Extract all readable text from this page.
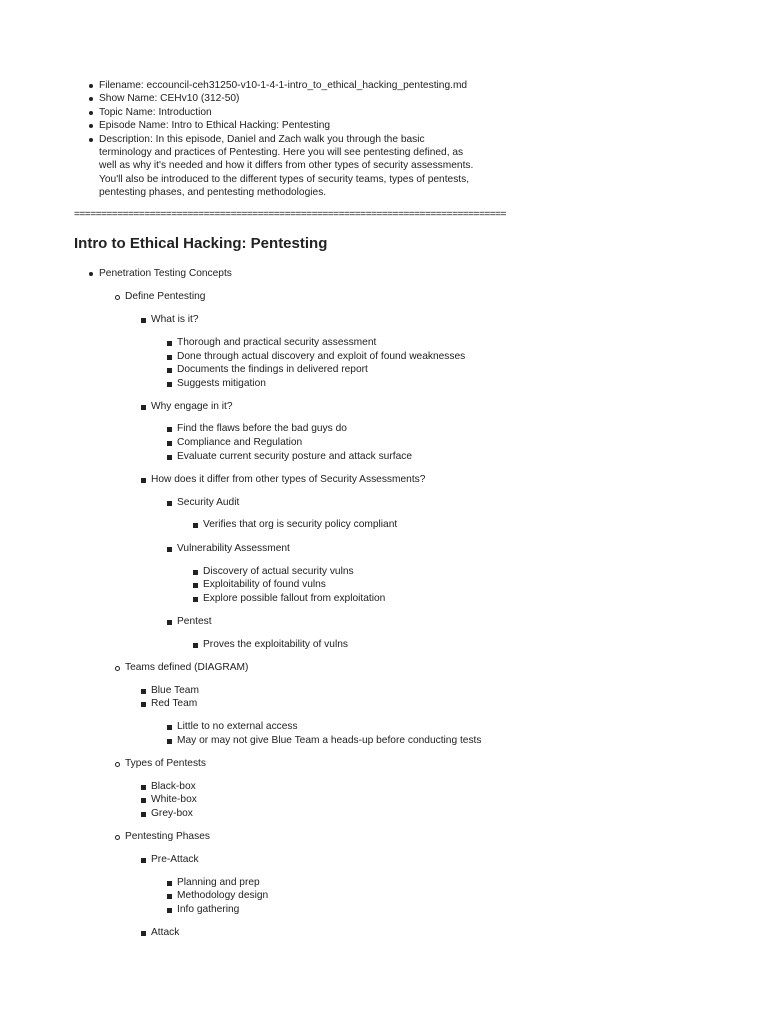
Filename: eccouncil-ceh31250-v10-1-4-1-intro_to_ethical_hacking_pentesting.md
Show Name: CEHv10 (312-50)
Topic Name: Introduction
Episode Name: Intro to Ethical Hacking: Pentesting
Description: In this episode, Daniel and Zach walk you through the basic terminology and practices of Pentesting. Here you will see pentesting defined, as well as why it's needed and how it differs from other types of security assessments. You'll also be introduced to the different types of security teams, types of pentests, pentesting phases, and pentesting methodologies.
================================================================================
Intro to Ethical Hacking: Pentesting
Penetration Testing Concepts
Define Pentesting
What is it?
Thorough and practical security assessment
Done through actual discovery and exploit of found weaknesses
Documents the findings in delivered report
Suggests mitigation
Why engage in it?
Find the flaws before the bad guys do
Compliance and Regulation
Evaluate current security posture and attack surface
How does it differ from other types of Security Assessments?
Security Audit
Verifies that org is security policy compliant
Vulnerability Assessment
Discovery of actual security vulns
Exploitability of found vulns
Explore possible fallout from exploitation
Pentest
Proves the exploitability of vulns
Teams defined (DIAGRAM)
Blue Team
Red Team
Little to no external access
May or may not give Blue Team a heads-up before conducting tests
Types of Pentests
Black-box
White-box
Grey-box
Pentesting Phases
Pre-Attack
Planning and prep
Methodology design
Info gathering
Attack
